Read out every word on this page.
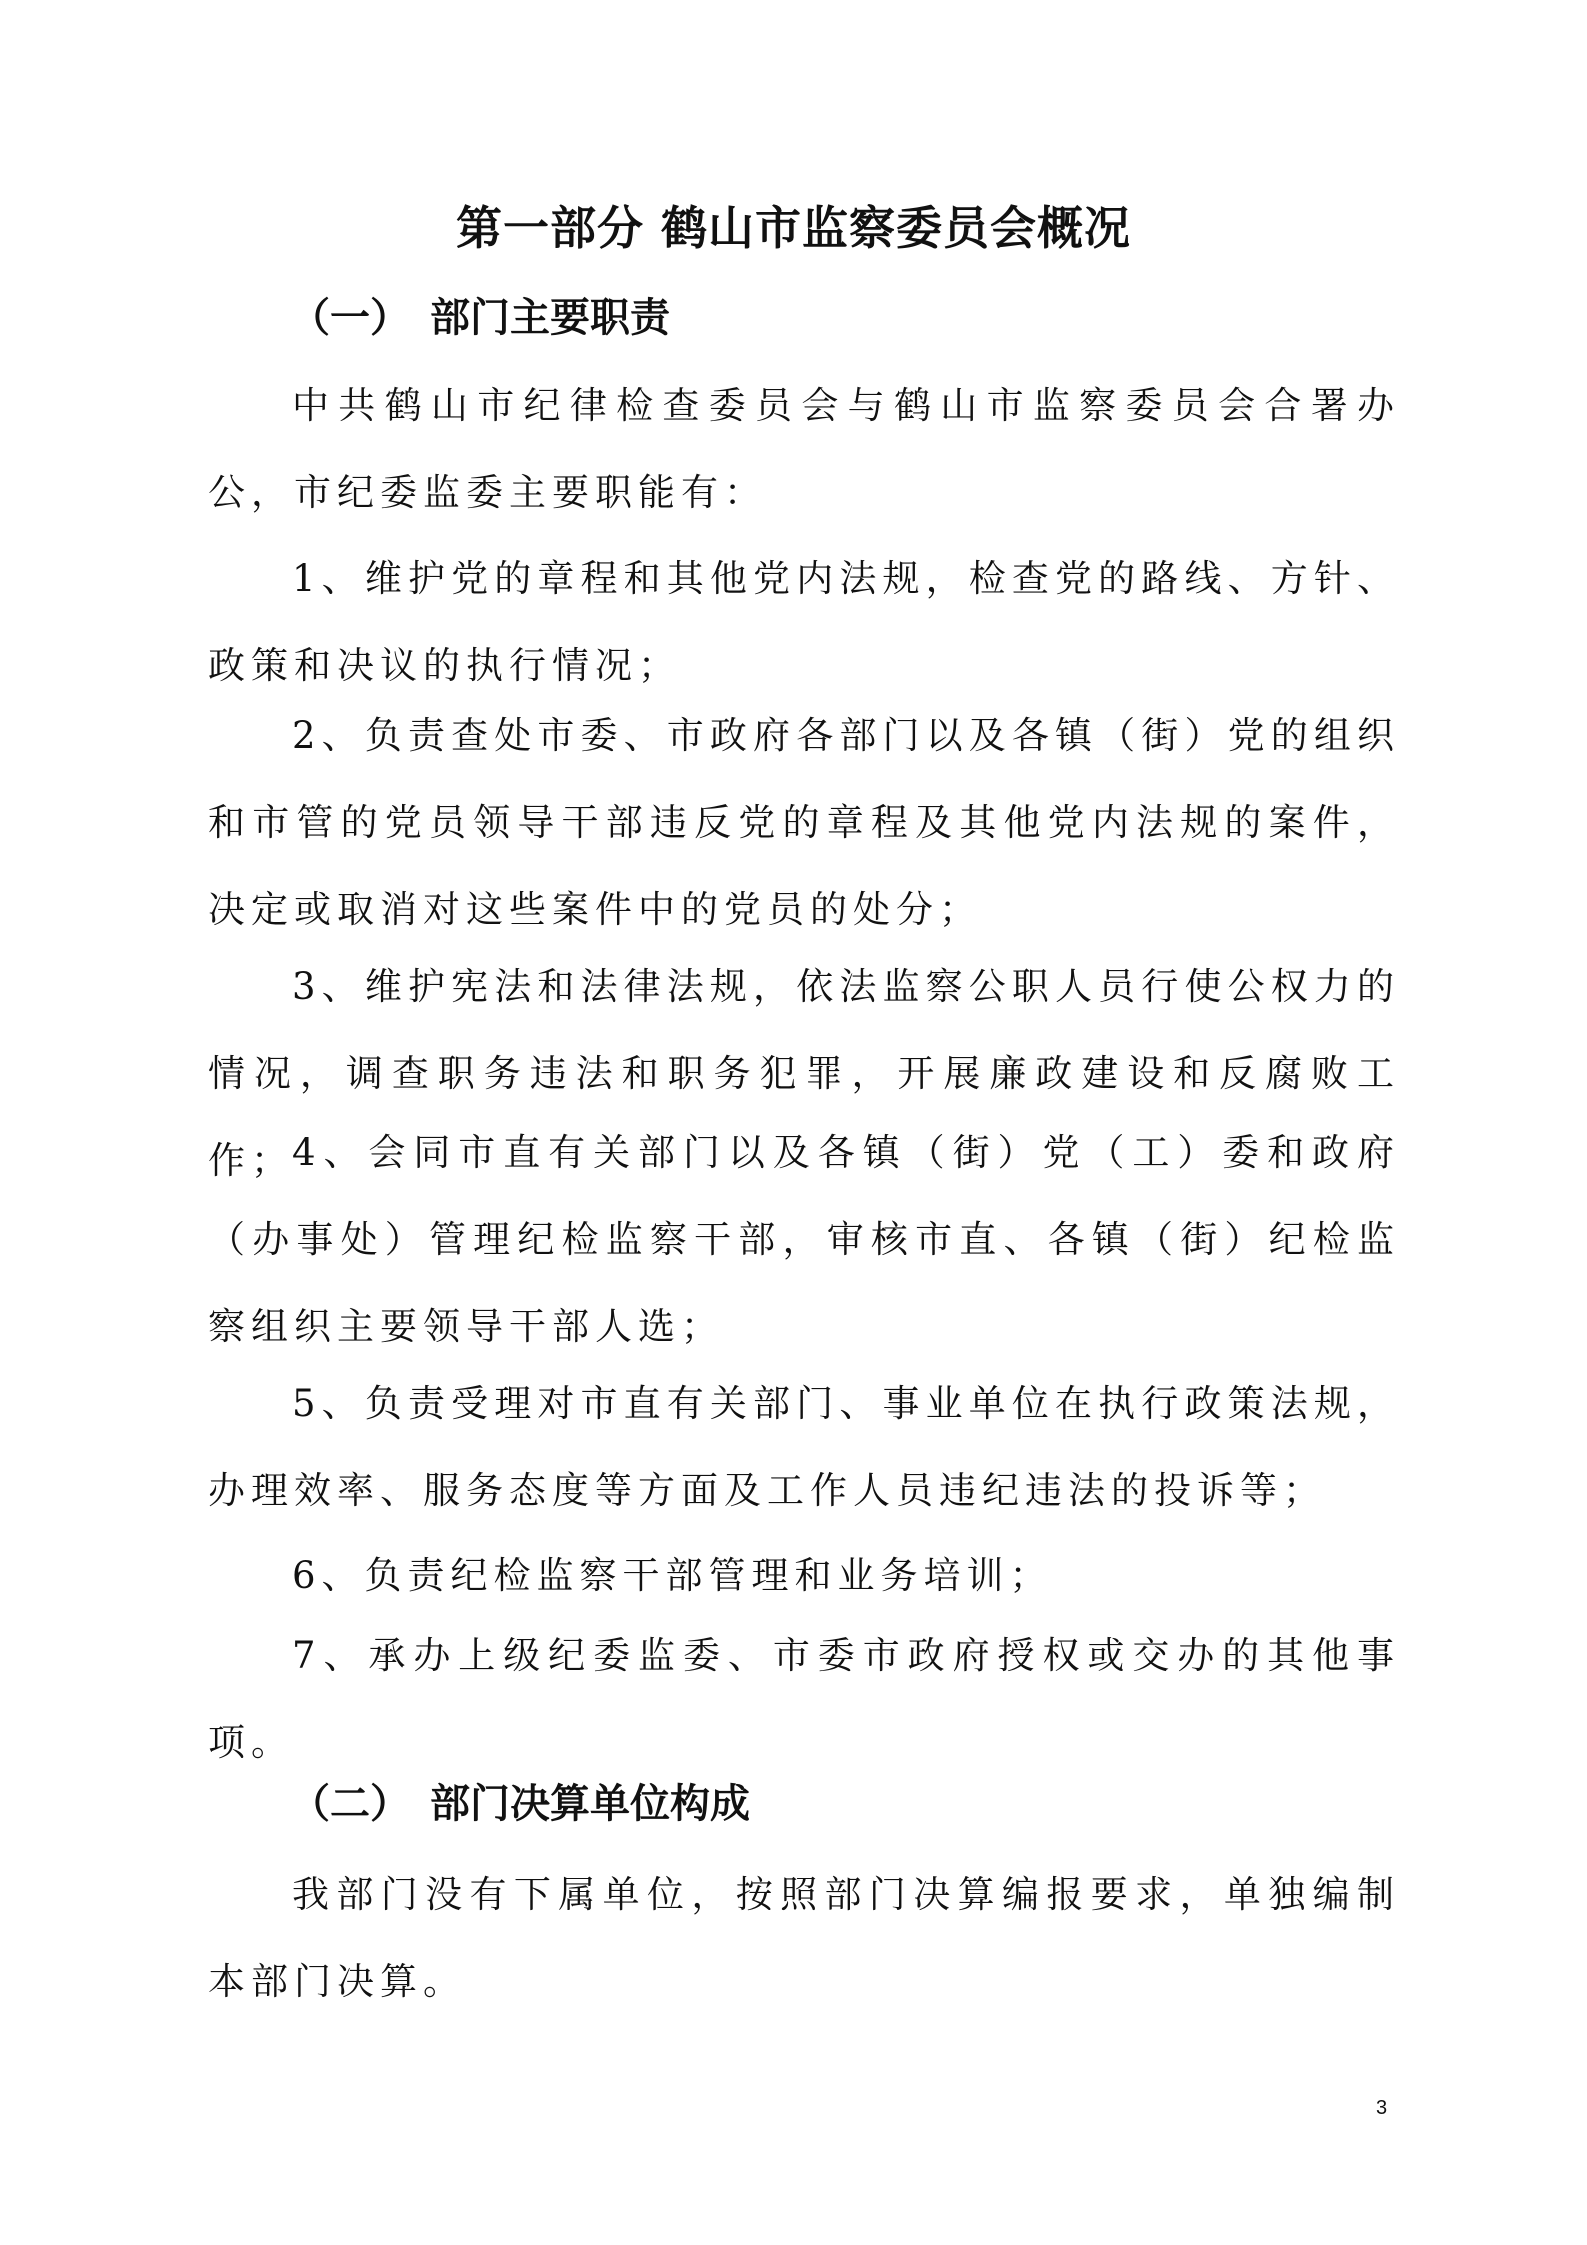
第一部分 鹤山市监察委员会概况
（一） 部门主要职责

中共鹤山市纪律检查委员会与鹤山市监察委员会合署办公，市纪委监委主要职能有：

1、维护党的章程和其他党内法规，检查党的路线、方针、政策和决议的执行情况；

2、负责查处市委、市政府各部门以及各镇（街）党的组织和市管的党员领导干部违反党的章程及其他党内法规的案件，决定或取消对这些案件中的党员的处分；

3、维护宪法和法律法规，依法监察公职人员行使公权力的情况，调查职务违法和职务犯罪，开展廉政建设和反腐败工作；

4、会同市直有关部门以及各镇（街）党（工）委和政府（办事处）管理纪检监察干部，审核市直、各镇（街）纪检监察组织主要领导干部人选；

5、负责受理对市直有关部门、事业单位在执行政策法规，办理效率、服务态度等方面及工作人员违纪违法的投诉等；

6、负责纪检监察干部管理和业务培训；

7、承办上级纪委监委、市委市政府授权或交办的其他事项。

（二） 部门决算单位构成

我部门没有下属单位，按照部门决算编报要求，单独编制本部门决算。

3
